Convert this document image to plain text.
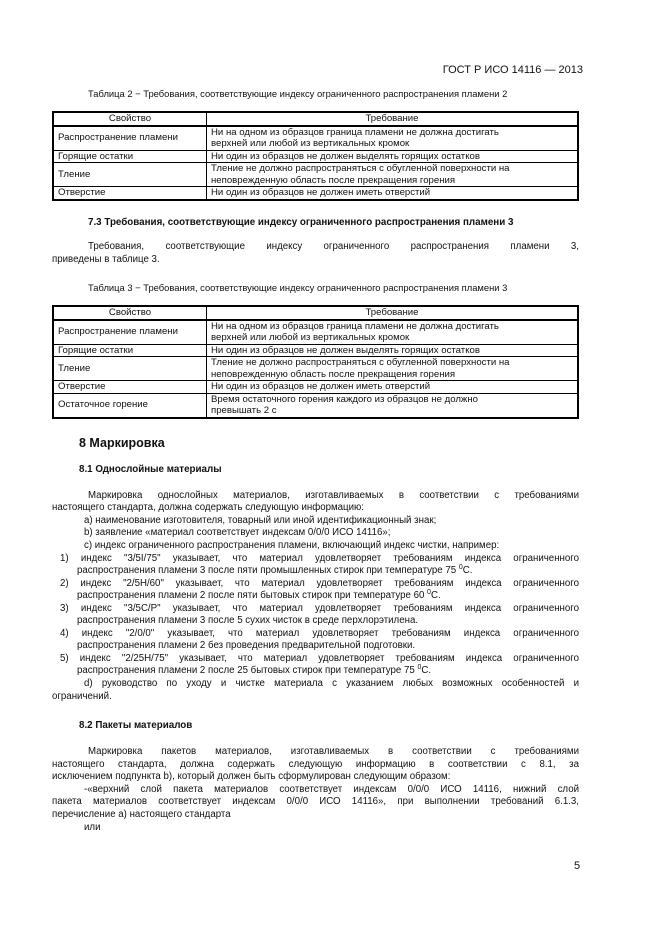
ГОСТ Р ИСО 14116 — 2013
Таблица 2 − Требования, соответствующие индексу ограниченного распространения пламени 2
Свойство	Требование
Распространение пламени	Ни на одном из образцов граница пламени не должна достигать
верхней или любой из вертикальных кромок

Горящие остатки	Ни один из образцов не должен выделять горящих остатков
Тление	Тление не должно распространяться с обугленной поверхности на
неповрежденную область после прекращения горения

Отверстие	Ни один из образцов не должен иметь отверстий
7.3 Требования, соответствующие индексу ограниченного распространения пламени 3
Требования, соответствующие индексу ограниченного распространения пламени 3,
приведены в таблице 3.
Таблица 3 − Требования, соответствующие индексу ограниченного распространения пламени 3
Свойство	Требование
Распространение пламени	Ни на одном из образцов граница пламени не должна достигать
верхней или любой из вертикальных кромок

Горящие остатки	Ни один из образцов не должен выделять горящих остатков
Тление	Тление не должно распространяться с обугленной поверхности на
неповрежденную область после прекращения горения

Отверстие	Ни один из образцов не должен иметь отверстий
Остаточное горение	Время остаточного горения каждого из образцов не должно
превышать 2 с
8 Маркировка
8.1 Однослойные материалы
Маркировка однослойных материалов, изготавливаемых в соответствии с требованиями
настоящего стандарта, должна содержать следующую информацию:
а) наименование изготовителя, товарный или иной идентификационный знак;
b) заявление «материал соответствует индексам 0/0/0 ИСО 14116»;
с) индекс ограниченного распространения пламени, включающий индекс чистки, например:
1) индекс "3/5I/75" указывает, что материал удовлетворяет требованиям индекса ограниченного
распространения пламени 3 после пяти промышленных стирок при температуре 75 $^0$С.
2) индекс "2/5H/60" указывает, что материал удовлетворяет требованиям индекса ограниченного
распространения пламени 2 после пяти бытовых стирок при температуре 60 $^0$С.
3) индекс "3/5C/P" указывает, что материал удовлетворяет требованиям индекса ограниченного
распространения пламени 3 после 5 сухих чисток в среде перхлорэтилена.
4) индекс "2/0/0" указывает, что материал удовлетворяет требованиям индекса ограниченного
распространения пламени 2 без проведения предварительной подготовки.
5) индекс "2/25H/75" указывает, что материал удовлетворяет требованиям индекса ограниченного
распространения пламени 2 после 25 бытовых стирок при температуре 75 $^0$С.
d) руководство по уходу и чистке материала с указанием любых возможных особенностей и
ограничений.
8.2 Пакеты материалов
Маркировка пакетов материалов, изготавливаемых в соответствии с требованиями
настоящего стандарта, должна содержать следующую информацию в соответствии с 8.1, за
исключением подпункта b), который должен быть сформулирован следующим образом:
-«верхний слой пакета материалов соответствует индексам 0/0/0 ИСО 14116, нижний слой
пакета материалов соответствует индексам 0/0/0 ИСО 14116», при выполнении требований 6.1.3,
перечисление а) настоящего стандарта
или
5
